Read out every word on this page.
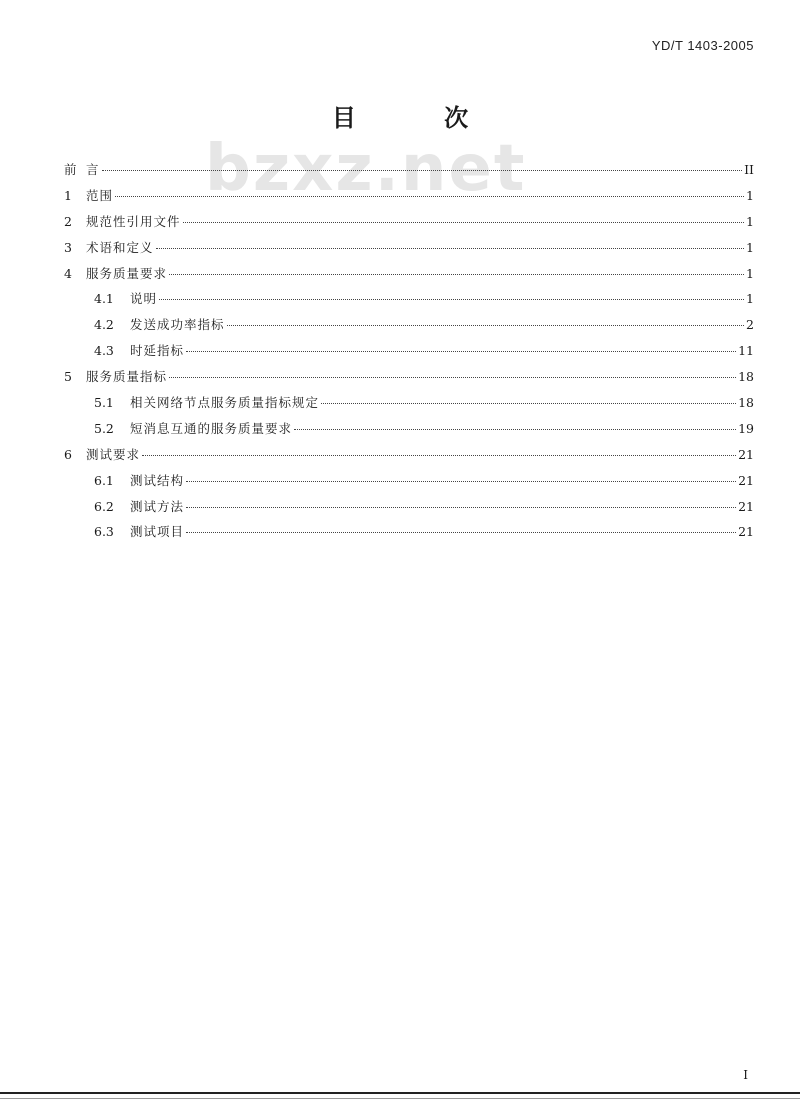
YD/T 1403-2005
目 次
bzxz.net
前 言	II
1	范围	1
2	规范性引用文件	1
3	术语和定义	1
4	服务质量要求	1
4.1	说明	1
4.2	发送成功率指标	2
4.3	时延指标	11
5	服务质量指标	18
5.1	相关网络节点服务质量指标规定	18
5.2	短消息互通的服务质量要求	19
6	测试要求	21
6.1	测试结构	21
6.2	测试方法	21
6.3	测试项目	21
I
